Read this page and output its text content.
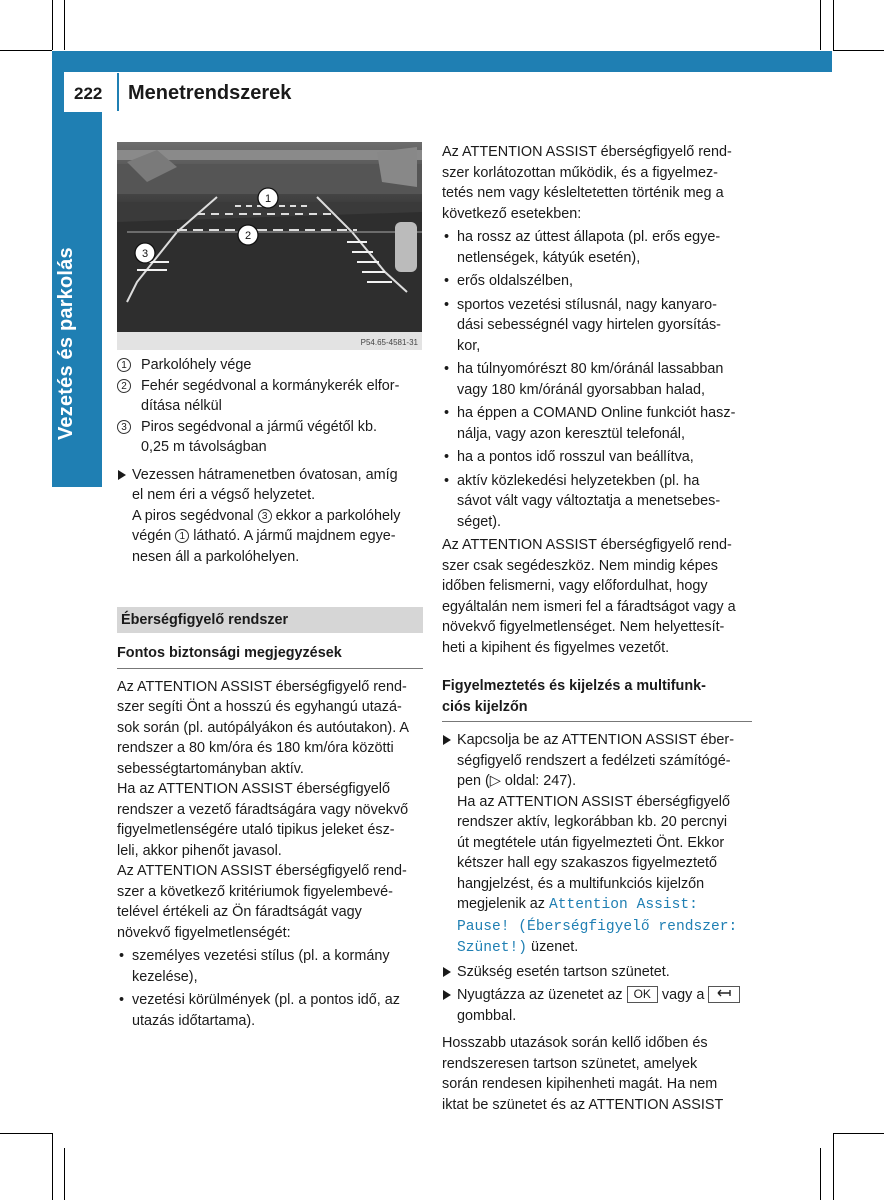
222 Menetrendszerek
Vezetés és parkolás
1
2
3
P54.65-4581-31
1 Parkolóhely vége

2 Fehér segédvonal a kormánykerék elfor-

dítása nélkül

3 Piros segédvonal a jármű végétől kb.

0,25 m távolságban

Vezessen hátramenetben óvatosan, amíg

el nem éri a végső helyzetet.

A piros segédvonal 3 ekkor a parkolóhely

végén 1 látható. A jármű majdnem egye-

nesen áll a parkolóhelyen.

Éberségfigyelő rendszer
Fontos biztonsági megjegyzések

Az ATTENTION ASSIST éberségfigyelő rend-

szer segíti Önt a hosszú és egyhangú utazá-

sok során (pl. autópályákon és autóutakon). A

rendszer a 80 km/óra és 180 km/óra közötti

sebességtartományban aktív.

Ha az ATTENTION ASSIST éberségfigyelő

rendszer a vezető fáradtságára vagy növekvő

figyelmetlenségére utaló tipikus jeleket ész-

leli, akkor pihenőt javasol.

Az ATTENTION ASSIST éberségfigyelő rend-

szer a következő kritériumok figyelembevé-

telével értékeli az Ön fáradtságát vagy

növekvő figyelmetlenségét:

• személyes vezetési stílus (pl. a kormány

kezelése),

• vezetési körülmények (pl. a pontos idő, az

utazás időtartama).

Az ATTENTION ASSIST éberségfigyelő rend-

szer korlátozottan működik, és a figyelmez-

tetés nem vagy késleltetetten történik meg a

következő esetekben:

• ha rossz az úttest állapota (pl. erős egye-

netlenségek, kátyúk esetén),

• erős oldalszélben,

• sportos vezetési stílusnál, nagy kanyaro-

dási sebességnél vagy hirtelen gyorsítás-

kor,

• ha túlnyomórészt 80 km/óránál lassabban

vagy 180 km/óránál gyorsabban halad,

• ha éppen a COMAND Online funkciót hasz-

nálja, vagy azon keresztül telefonál,

• ha a pontos idő rosszul van beállítva,

• aktív közlekedési helyzetekben (pl. ha

sávot vált vagy változtatja a menetsebes-

séget).

Az ATTENTION ASSIST éberségfigyelő rend-

szer csak segédeszköz. Nem mindig képes

időben felismerni, vagy előfordulhat, hogy

egyáltalán nem ismeri fel a fáradtságot vagy a

növekvő figyelmetlenséget. Nem helyettesít-

heti a kipihent és figyelmes vezetőt.

Figyelmeztetés és kijelzés a multifunk-

ciós kijelzőn

Kapcsolja be az ATTENTION ASSIST éber-

ségfigyelő rendszert a fedélzeti számítógé-

pen (▷ oldal: 247).

Ha az ATTENTION ASSIST éberségfigyelő

rendszer aktív, legkorábban kb. 20 percnyi

út megtétele után figyelmezteti Önt. Ekkor

kétszer hall egy szakaszos figyelmeztető

hangjelzést, és a multifunkciós kijelzőn

megjelenik az Attention Assist:

Pause! (Éberségfigyelő rendszer:

Szünet!) üzenet.

Szükség esetén tartson szünetet.

Nyugtázza az üzenetet az OK vagy a

gombbal.

Hosszabb utazások során kellő időben és

rendszeresen tartson szünetet, amelyek

során rendesen kipihenheti magát. Ha nem

iktat be szünetet és az ATTENTION ASSIST
